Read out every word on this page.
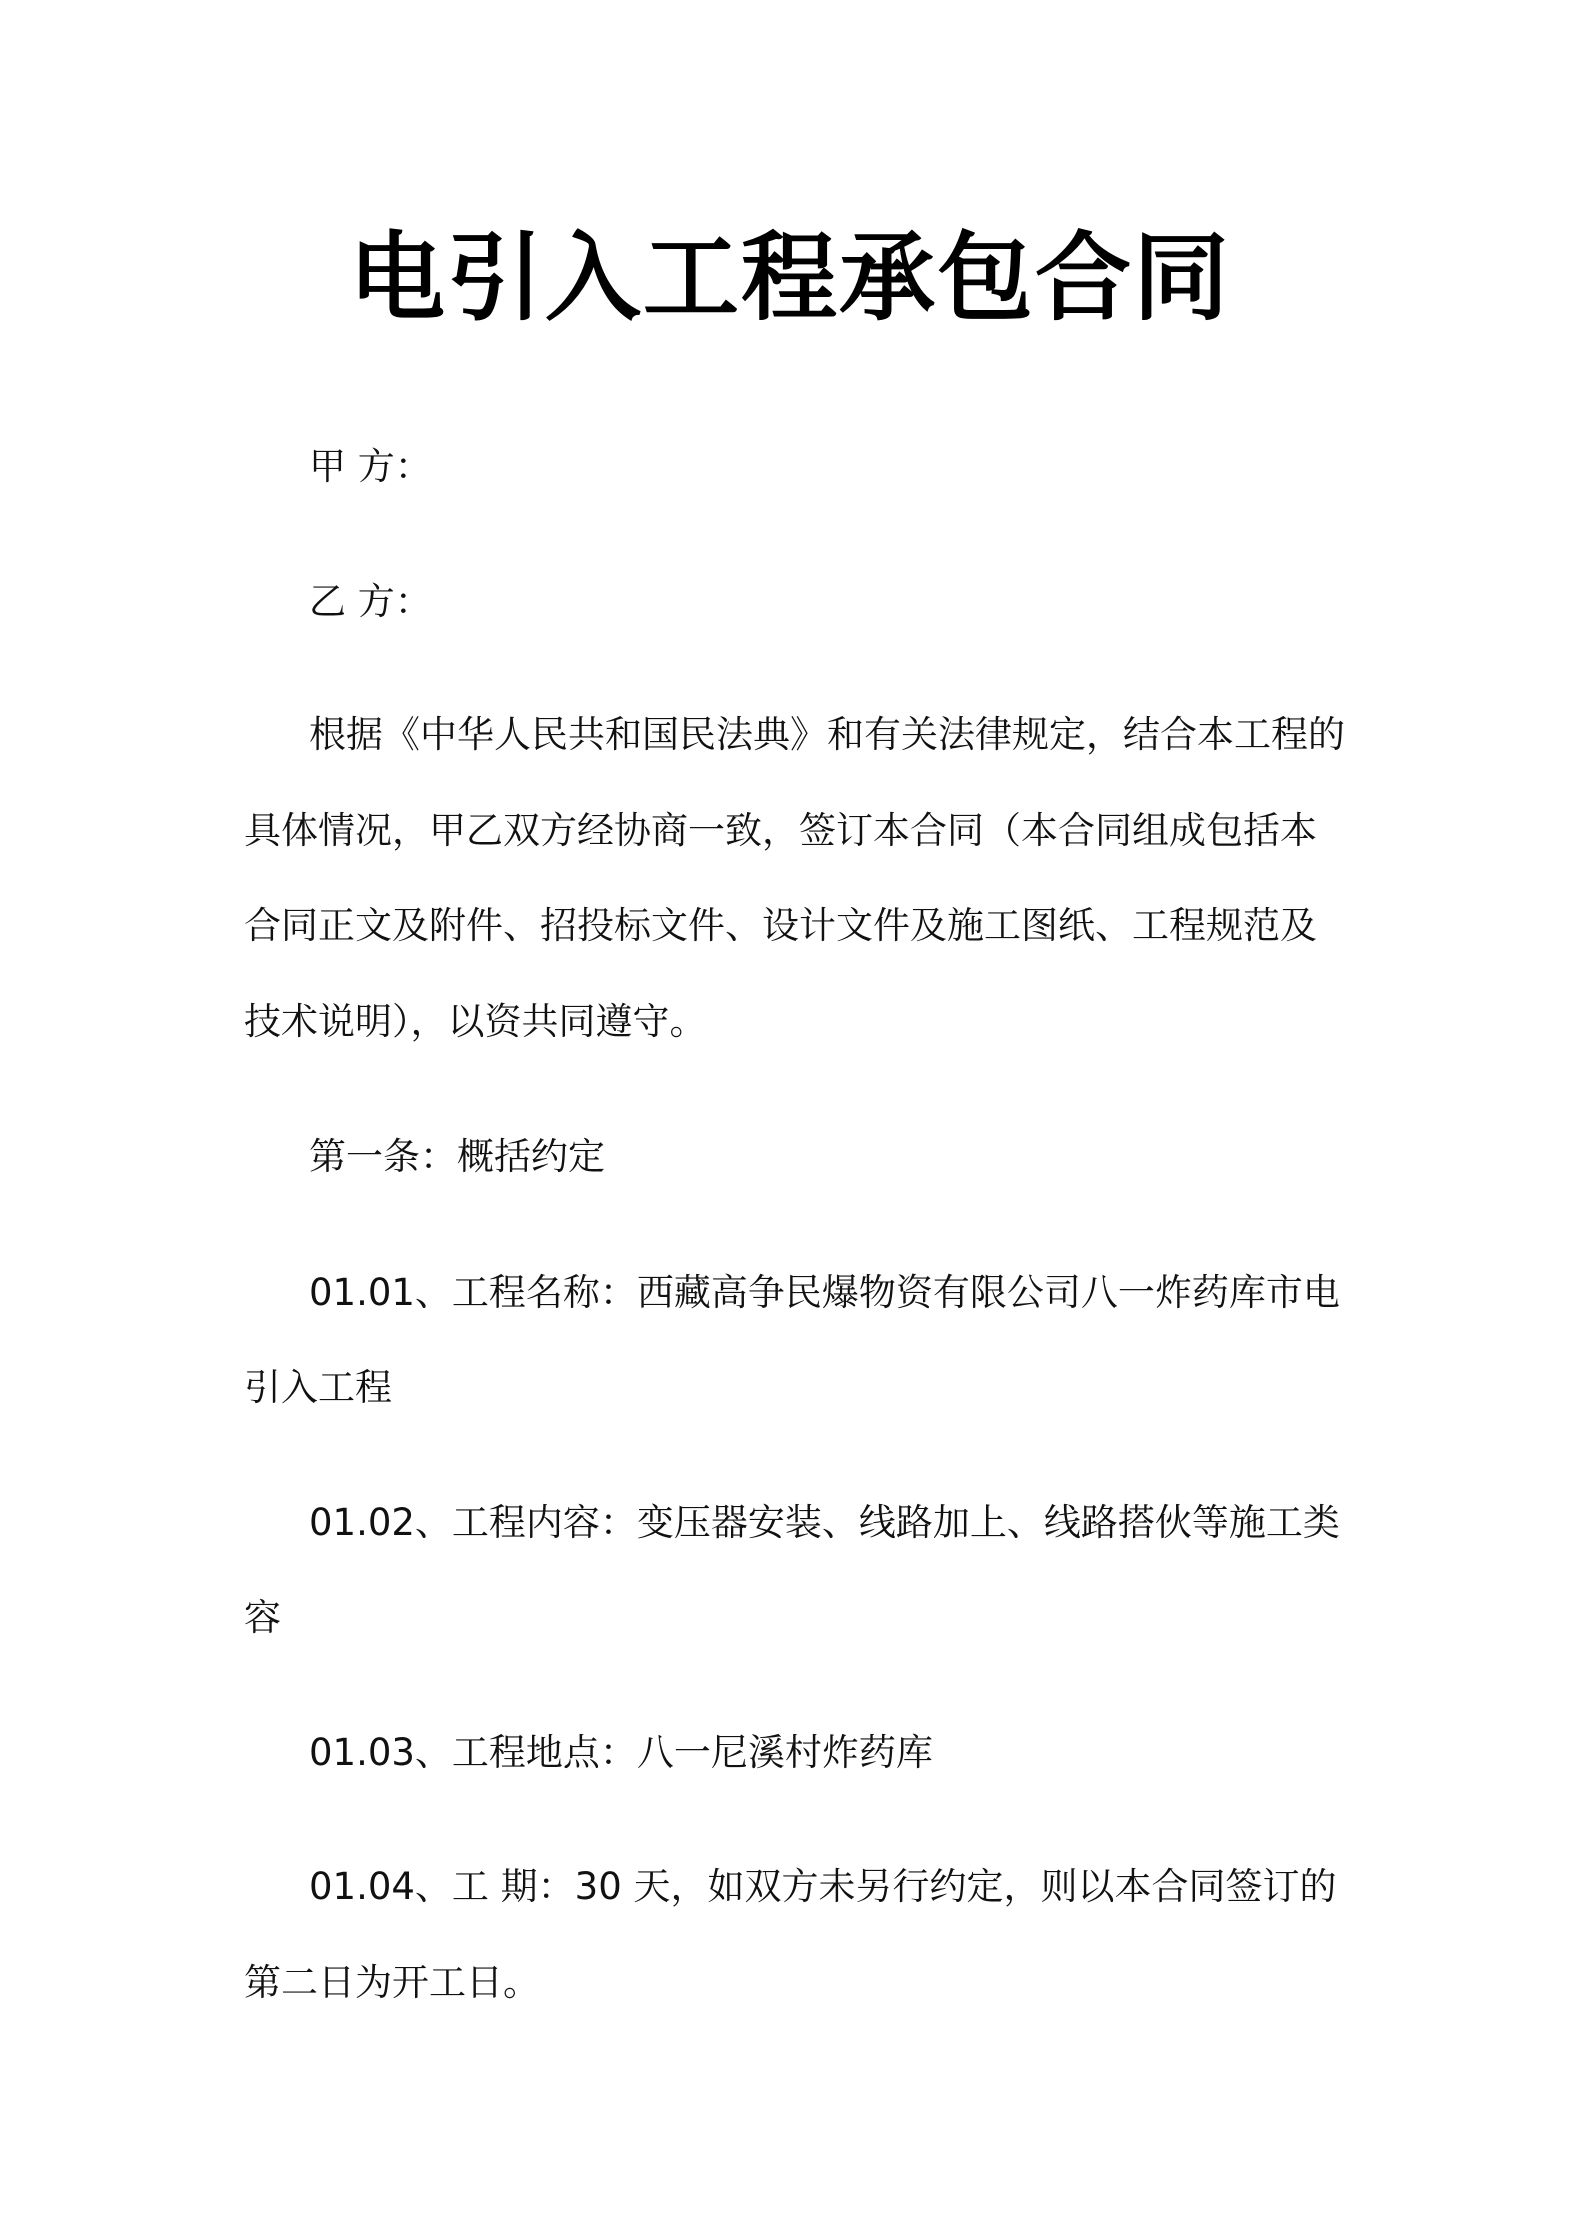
电引入工程承包合同
甲 方：
乙 方：
根据《中华人民共和国民法典》和有关法律规定，结合本工程的
具体情况，甲乙双方经协商一致，签订本合同（本合同组成包括本
合同正文及附件、招投标文件、设计文件及施工图纸、工程规范及
技术说明），以资共同遵守。
第一条：概括约定
01.01、工程名称：西藏高争民爆物资有限公司八一炸药库市电
引入工程
01.02、工程内容：变压器安装、线路加上、线路搭伙等施工类
容
01.03、工程地点：八一尼溪村炸药库
01.04、工 期：30 天，如双方未另行约定，则以本合同签订的
第二日为开工日。
